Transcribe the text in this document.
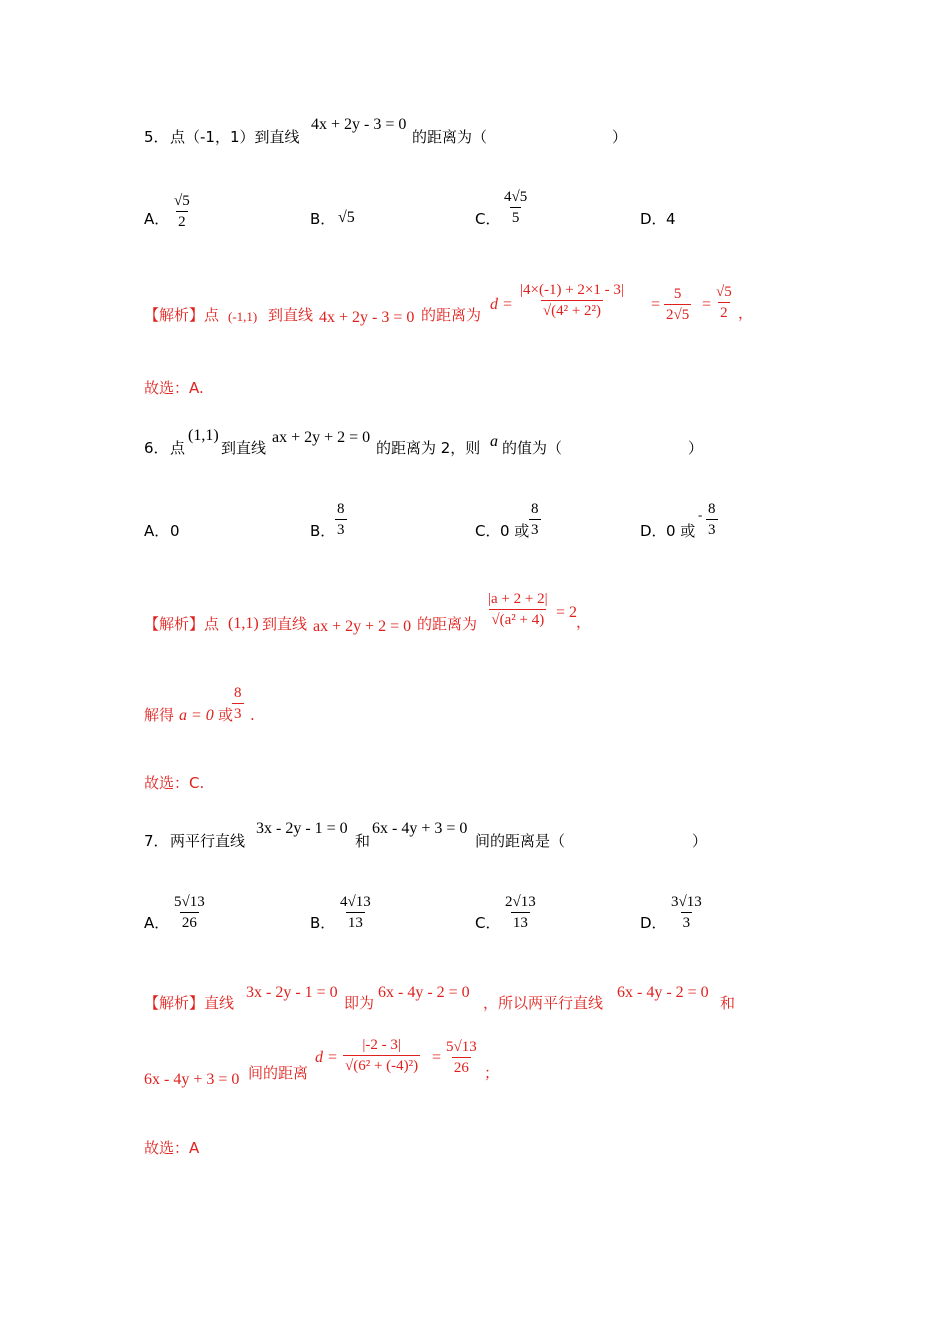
5． 点（-1，1）到直线
4x + 2y - 3 = 0
的距离为（	）
A． $\frac{√5}{2}$	B． √5	C． $\frac{4√5}{5}$	D． 4
【解析】点 (-1,1) 到直线 4x + 2y - 3 = 0 的距离为
$d = \frac{|4\times(-1) + 2\times 1 - 3|}{\text{√(4² + 2²)}} = \frac{5}{2√5} = \frac{√5}{2}$ ，
故选：A.
6． 点
(1,1)
到直线
ax + 2y + 2 = 0
的距离为 2，则 a 的值为（	）
A． 0	B． $\frac{8}{3}$	C． 0 或 $\frac{8}{3}$	D． 0 或
- $\frac{8}{3}$
【解析】点 (1,1) 到直线 ax + 2y + 2 = 0 的距离为 $\frac{|a + 2 + 2|}{\text{√(a² + 4)}} = 2$
，
解得 a = 0 或
$\frac{8}{3}$ .
故选：C.
7． 两平行直线
3x - 2y - 1 = 0
和
6x - 4y + 3 = 0
间的距离是（	）
A． $\frac{5√13}{26}$	B． $\frac{4√13}{13}$	C． $\frac{2√13}{13}$	D． $\frac{3√13}{3}$
【解析】直线
3x - 2y - 1 = 0
即为
6x - 4y - 2 = 0
，所以两平行直线
6x - 4y - 2 = 0
和
6x - 4y + 3 = 0 间的距离
$d = \frac{|-2 - 3|}{\text{√(6² + (-4)²)}} = \frac{5√13}{26}$ ；
故选：A
